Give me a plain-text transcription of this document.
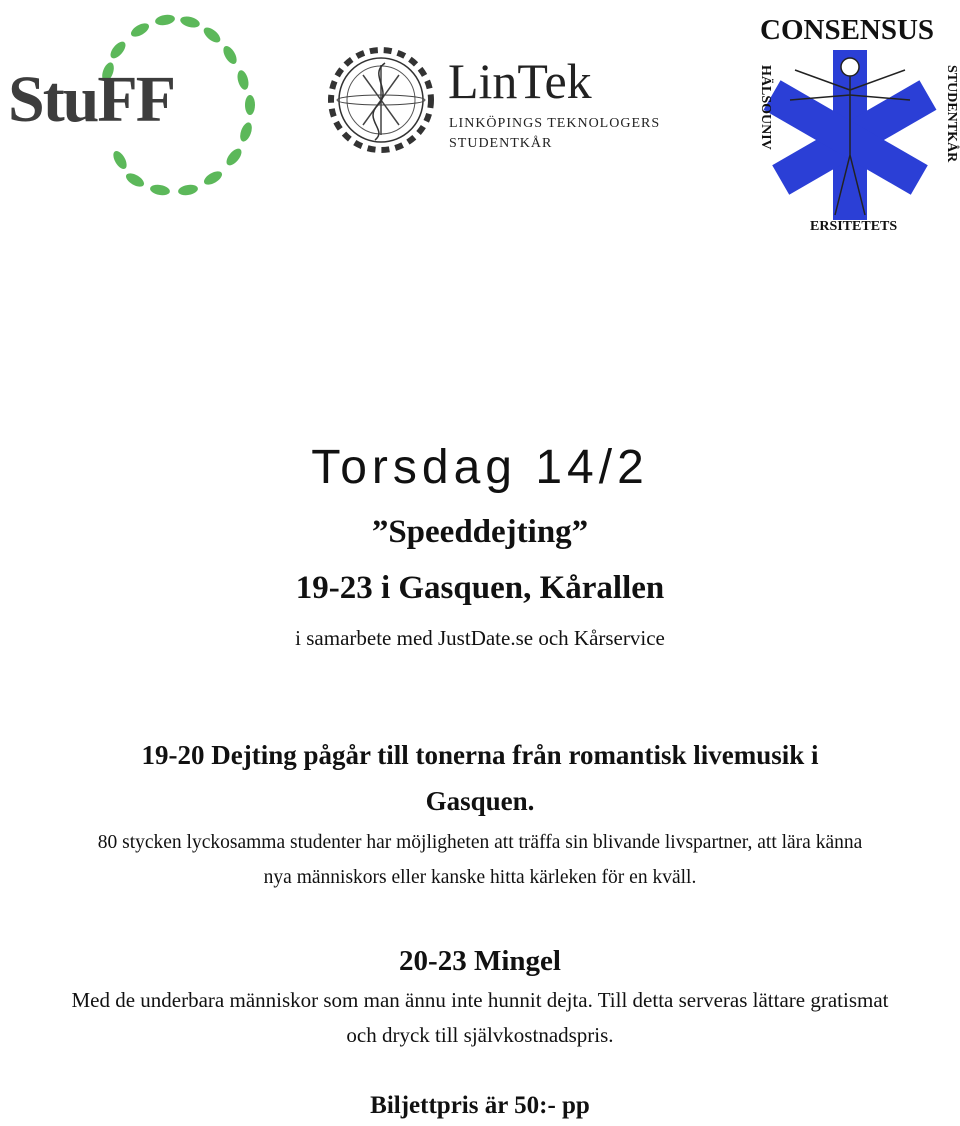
StuFF	LinTek
LINKÖPINGS TEKNOLOGERS
STUDENTKÅR
CONSENSUS
HÄLSOUNIV
ERSITETETS
STUDENTKÅR
Torsdag 14/2
”Speeddejting”
19-23 i Gasquen, Kårallen
i samarbete med JustDate.se och Kårservice
19-20 Dejting pågår till tonerna från romantisk livemusik i
Gasquen.
80 stycken lyckosamma studenter har möjligheten att träffa sin blivande livspartner, att lära känna
nya människors eller kanske hitta kärleken för en kväll.
20-23 Mingel
Med de underbara människor som man ännu inte hunnit dejta. Till detta serveras lättare gratismat
och dryck till självkostnadspris.
Biljettpris är 50:- pp
